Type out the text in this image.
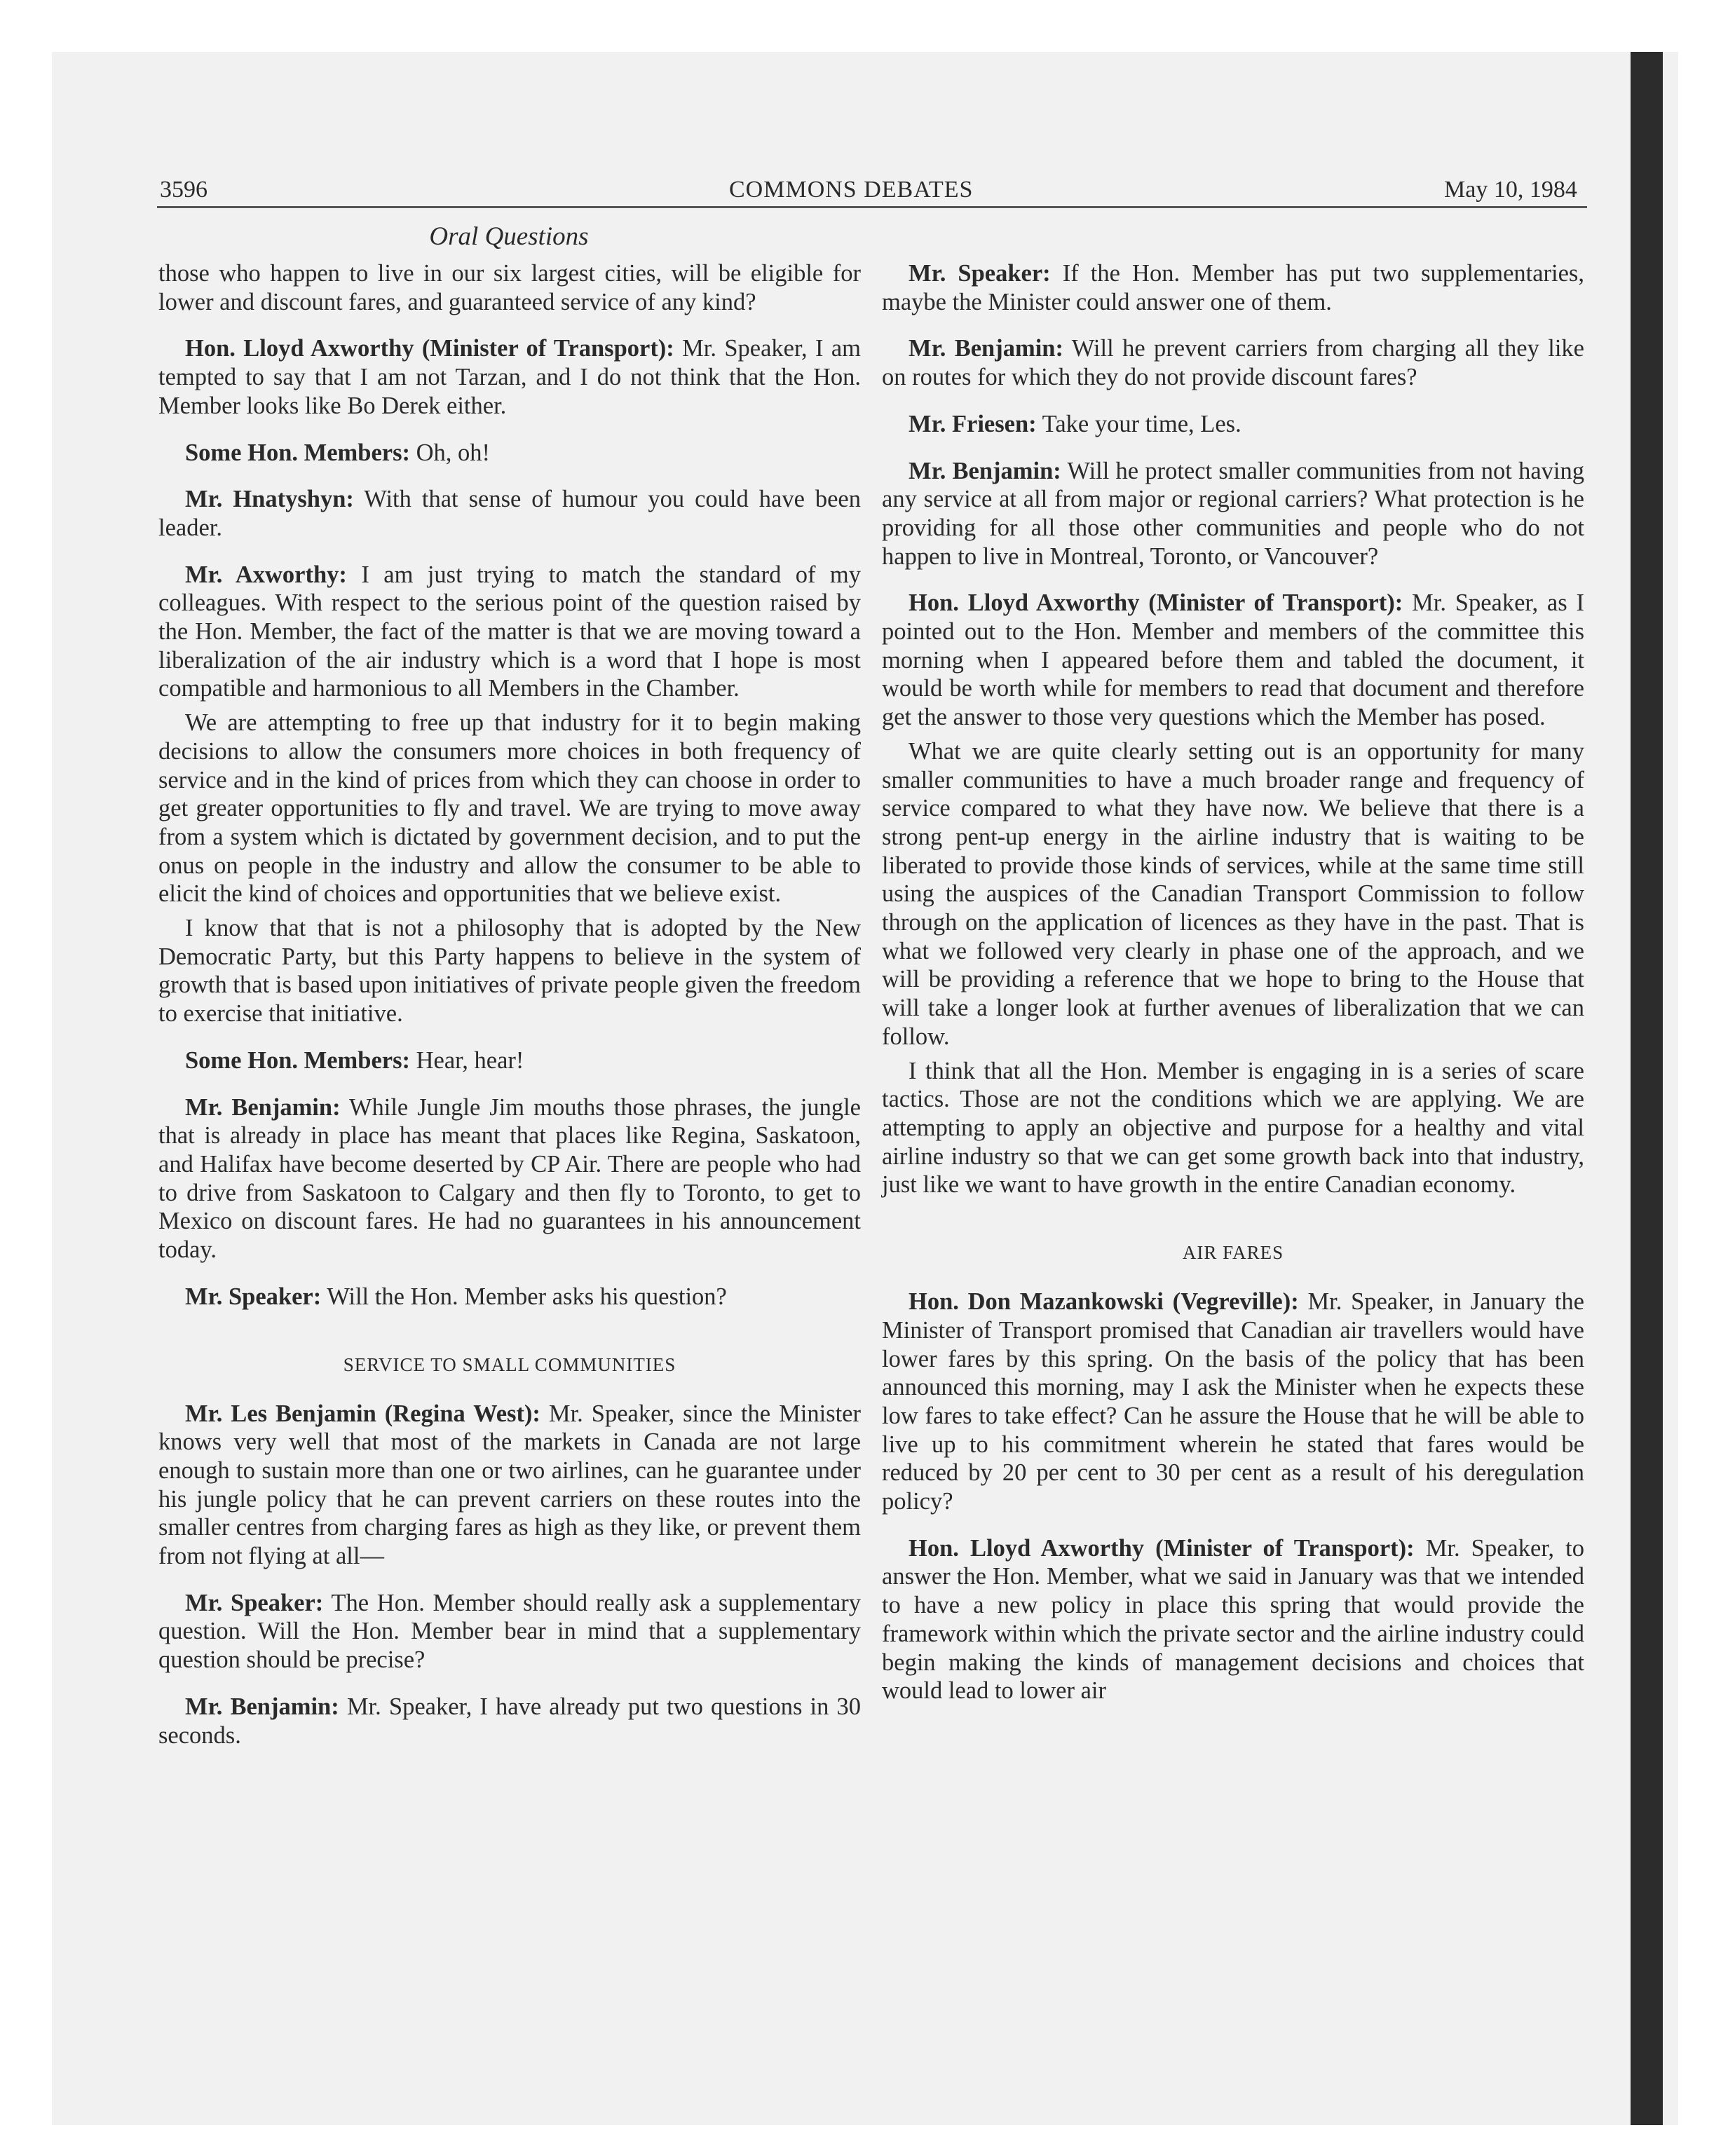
3596	COMMONS DEBATES	May 10, 1984
Oral Questions

those who happen to live in our six largest cities, will be eligible for lower and discount fares, and guaranteed service of any kind?

Hon. Lloyd Axworthy (Minister of Transport): Mr. Speaker, I am tempted to say that I am not Tarzan, and I do not think that the Hon. Member looks like Bo Derek either.

Some Hon. Members: Oh, oh!

Mr. Hnatyshyn: With that sense of humour you could have been leader.

Mr. Axworthy: I am just trying to match the standard of my colleagues. With respect to the serious point of the question raised by the Hon. Member, the fact of the matter is that we are moving toward a liberalization of the air industry which is a word that I hope is most compatible and harmonious to all Members in the Chamber.

We are attempting to free up that industry for it to begin making decisions to allow the consumers more choices in both frequency of service and in the kind of prices from which they can choose in order to get greater opportunities to fly and travel. We are trying to move away from a system which is dictated by government decision, and to put the onus on people in the industry and allow the consumer to be able to elicit the kind of choices and opportunities that we believe exist.

I know that that is not a philosophy that is adopted by the New Democratic Party, but this Party happens to believe in the system of growth that is based upon initiatives of private people given the freedom to exercise that initiative.

Some Hon. Members: Hear, hear!

Mr. Benjamin: While Jungle Jim mouths those phrases, the jungle that is already in place has meant that places like Regina, Saskatoon, and Halifax have become deserted by CP Air. There are people who had to drive from Saskatoon to Calgary and then fly to Toronto, to get to Mexico on discount fares. He had no guarantees in his announcement today.

Mr. Speaker: Will the Hon. Member asks his question?

SERVICE TO SMALL COMMUNITIES

Mr. Les Benjamin (Regina West): Mr. Speaker, since the Minister knows very well that most of the markets in Canada are not large enough to sustain more than one or two airlines, can he guarantee under his jungle policy that he can prevent carriers on these routes into the smaller centres from charging fares as high as they like, or prevent them from not flying at all—

Mr. Speaker: The Hon. Member should really ask a supplementary question. Will the Hon. Member bear in mind that a supplementary question should be precise?

Mr. Benjamin: Mr. Speaker, I have already put two questions in 30 seconds.

Mr. Speaker: If the Hon. Member has put two supplementaries, maybe the Minister could answer one of them.

Mr. Benjamin: Will he prevent carriers from charging all they like on routes for which they do not provide discount fares?

Mr. Friesen: Take your time, Les.

Mr. Benjamin: Will he protect smaller communities from not having any service at all from major or regional carriers? What protection is he providing for all those other communities and people who do not happen to live in Montreal, Toronto, or Vancouver?

Hon. Lloyd Axworthy (Minister of Transport): Mr. Speaker, as I pointed out to the Hon. Member and members of the committee this morning when I appeared before them and tabled the document, it would be worth while for members to read that document and therefore get the answer to those very questions which the Member has posed.

What we are quite clearly setting out is an opportunity for many smaller communities to have a much broader range and frequency of service compared to what they have now. We believe that there is a strong pent-up energy in the airline industry that is waiting to be liberated to provide those kinds of services, while at the same time still using the auspices of the Canadian Transport Commission to follow through on the application of licences as they have in the past. That is what we followed very clearly in phase one of the approach, and we will be providing a reference that we hope to bring to the House that will take a longer look at further avenues of liberalization that we can follow.

I think that all the Hon. Member is engaging in is a series of scare tactics. Those are not the conditions which we are applying. We are attempting to apply an objective and purpose for a healthy and vital airline industry so that we can get some growth back into that industry, just like we want to have growth in the entire Canadian economy.

AIR FARES

Hon. Don Mazankowski (Vegreville): Mr. Speaker, in January the Minister of Transport promised that Canadian air travellers would have lower fares by this spring. On the basis of the policy that has been announced this morning, may I ask the Minister when he expects these low fares to take effect? Can he assure the House that he will be able to live up to his commitment wherein he stated that fares would be reduced by 20 per cent to 30 per cent as a result of his deregulation policy?

Hon. Lloyd Axworthy (Minister of Transport): Mr. Speaker, to answer the Hon. Member, what we said in January was that we intended to have a new policy in place this spring that would provide the framework within which the private sector and the airline industry could begin making the kinds of management decisions and choices that would lead to lower air
